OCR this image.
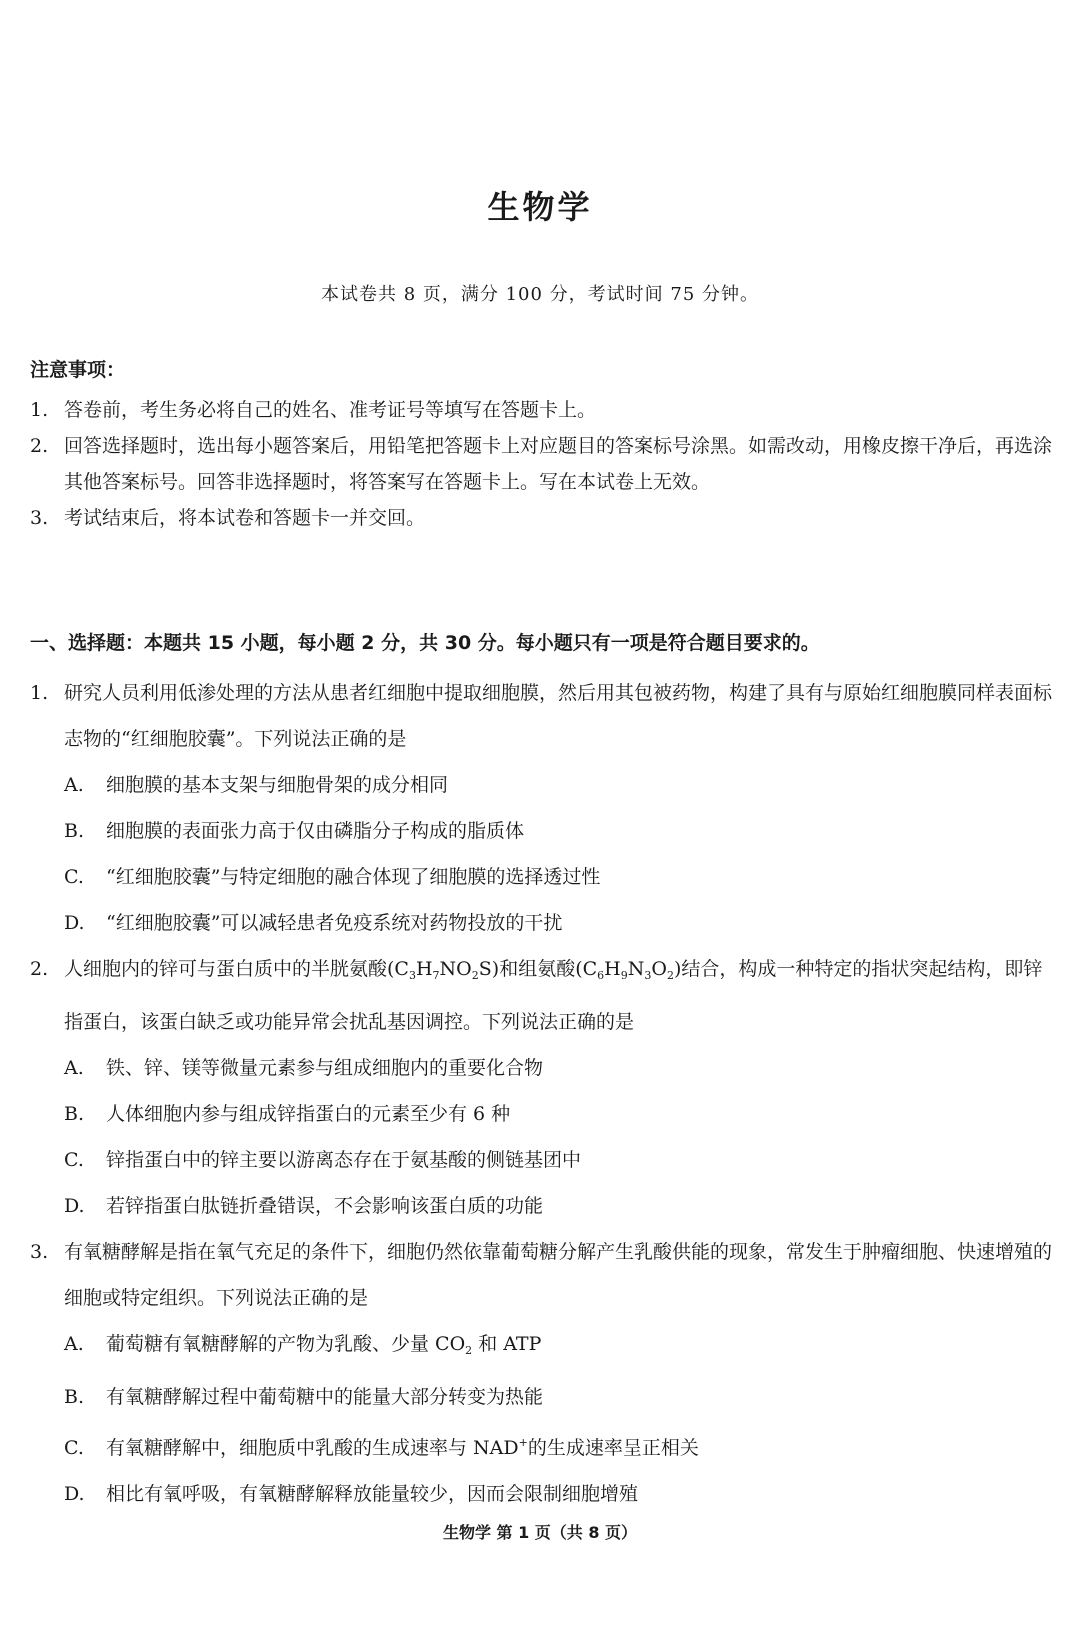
生物学
本试卷共 8 页，满分 100 分，考试时间 75 分钟。
注意事项：
1. 答卷前，考生务必将自己的姓名、准考证号等填写在答题卡上。
2. 回答选择题时，选出每小题答案后，用铅笔把答题卡上对应题目的答案标号涂黑。如需改动，用橡皮擦干净后，再选涂其他答案标号。回答非选择题时，将答案写在答题卡上。写在本试卷上无效。
3. 考试结束后，将本试卷和答题卡一并交回。
一、选择题：本题共 15 小题，每小题 2 分，共 30 分。每小题只有一项是符合题目要求的。
1. 研究人员利用低渗处理的方法从患者红细胞中提取细胞膜，然后用其包被药物，构建了具有与原始红细胞膜同样表面标志物的“红细胞胶囊”。下列说法正确的是
A. 细胞膜的基本支架与细胞骨架的成分相同
B. 细胞膜的表面张力高于仅由磷脂分子构成的脂质体
C. “红细胞胶囊”与特定细胞的融合体现了细胞膜的选择透过性
D. “红细胞胶囊”可以减轻患者免疫系统对药物投放的干扰
2. 人细胞内的锌可与蛋白质中的半胱氨酸$(C_3H_7NO_2S)$和组氨酸$(C_6H_9N_3O_2)$结合，构成一种特定的指状突起结构，即锌指蛋白，该蛋白缺乏或功能异常会扰乱基因调控。下列说法正确的是
A. 铁、锌、镁等微量元素参与组成细胞内的重要化合物
B. 人体细胞内参与组成锌指蛋白的元素至少有 6 种
C. 锌指蛋白中的锌主要以游离态存在于氨基酸的侧链基团中
D. 若锌指蛋白肽链折叠错误，不会影响该蛋白质的功能
3. 有氧糖酵解是指在氧气充足的条件下，细胞仍然依靠葡萄糖分解产生乳酸供能的现象，常发生于肿瘤细胞、快速增殖的细胞或特定组织。下列说法正确的是
A. 葡萄糖有氧糖酵解的产物为乳酸、少量 $CO_2$ 和 ATP
B. 有氧糖酵解过程中葡萄糖中的能量大部分转变为热能
C. 有氧糖酵解中，细胞质中乳酸的生成速率与 NAD+的生成速率呈正相关
D. 相比有氧呼吸，有氧糖酵解释放能量较少，因而会限制细胞增殖
生物学 第 1 页（共 8 页）
